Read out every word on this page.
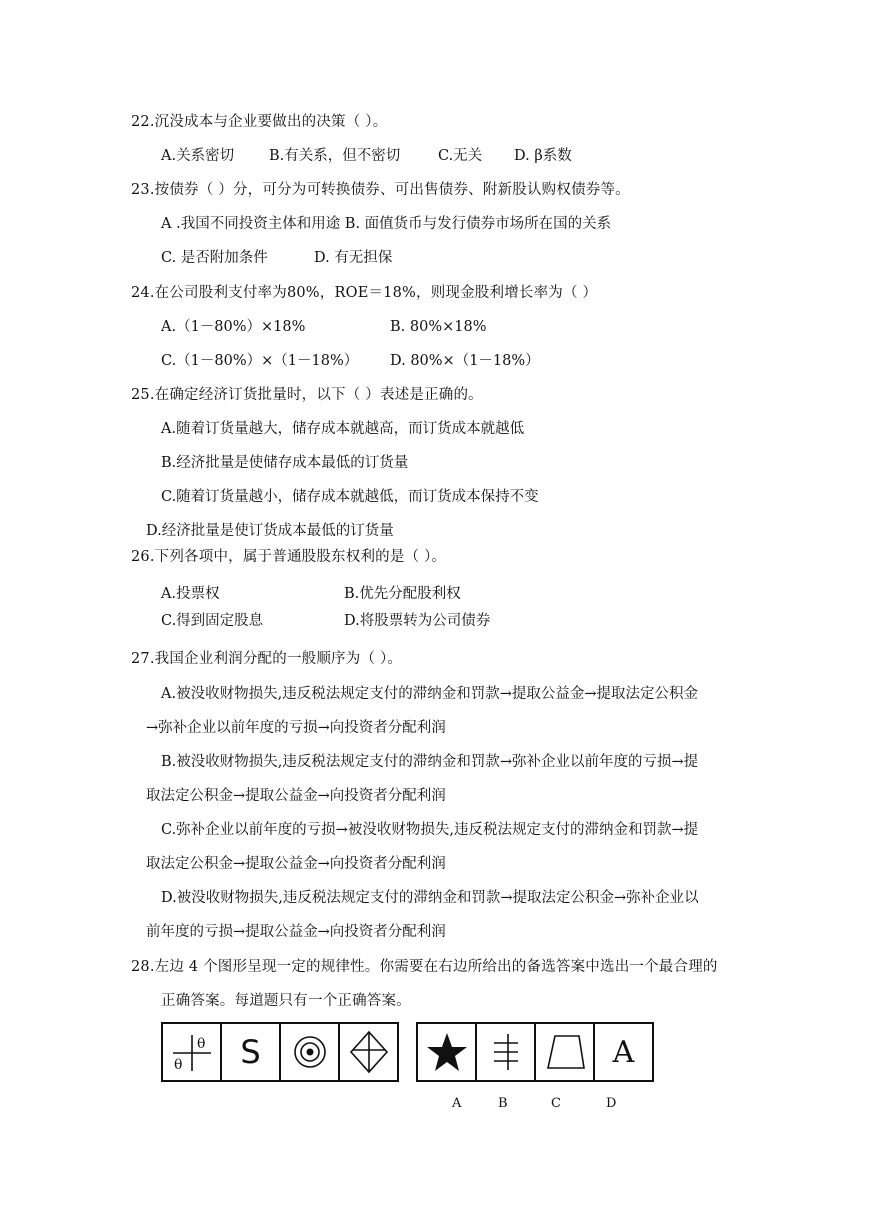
22.沉没成本与企业要做出的决策（ ）。
A.关系密切 B.有关系，但不密切	C.无关 D. β系数
23.按债券（ ）分，可分为可转换债券、可出售债券、附新股认购权债券等。
A .我国不同投资主体和用途 B. 面值货币与发行债券市场所在国的关系
C. 是否附加条件	D. 有无担保
24.在公司股利支付率为80%，ROE＝18%，则现金股利增长率为（ ）
A.（1－80%）×18%	B. 80%×18%
C.（1－80%）×（1－18%） D. 80%×（1－18%）
25.在确定经济订货批量时，以下（ ）表述是正确的。
A.随着订货量越大，储存成本就越高，而订货成本就越低
B.经济批量是使储存成本最低的订货量
C.随着订货量越小，储存成本就越低，而订货成本保持不变
D.经济批量是使订货成本最低的订货量
26.下列各项中，属于普通股股东权利的是（ ）。
A.投票权	B.优先分配股利权
C.得到固定股息	D.将股票转为公司债券
27.我国企业利润分配的一般顺序为（ ）。
A.被没收财物损失,违反税法规定支付的滞纳金和罚款→提取公益金→提取法定公积金
→弥补企业以前年度的亏损→向投资者分配利润
B.被没收财物损失,违反税法规定支付的滞纳金和罚款→弥补企业以前年度的亏损→提
取法定公积金→提取公益金→向投资者分配利润
C.弥补企业以前年度的亏损→被没收财物损失,违反税法规定支付的滞纳金和罚款→提
取法定公积金→提取公益金→向投资者分配利润
D.被没收财物损失,违反税法规定支付的滞纳金和罚款→提取法定公积金→弥补企业以
前年度的亏损→提取公益金→向投资者分配利润
28.左边 4 个图形呈现一定的规律性。你需要在右边所给出的备选答案中选出一个最合理的
正确答案。每道题只有一个正确答案。
θ
θ S	A
A	B	C	D
